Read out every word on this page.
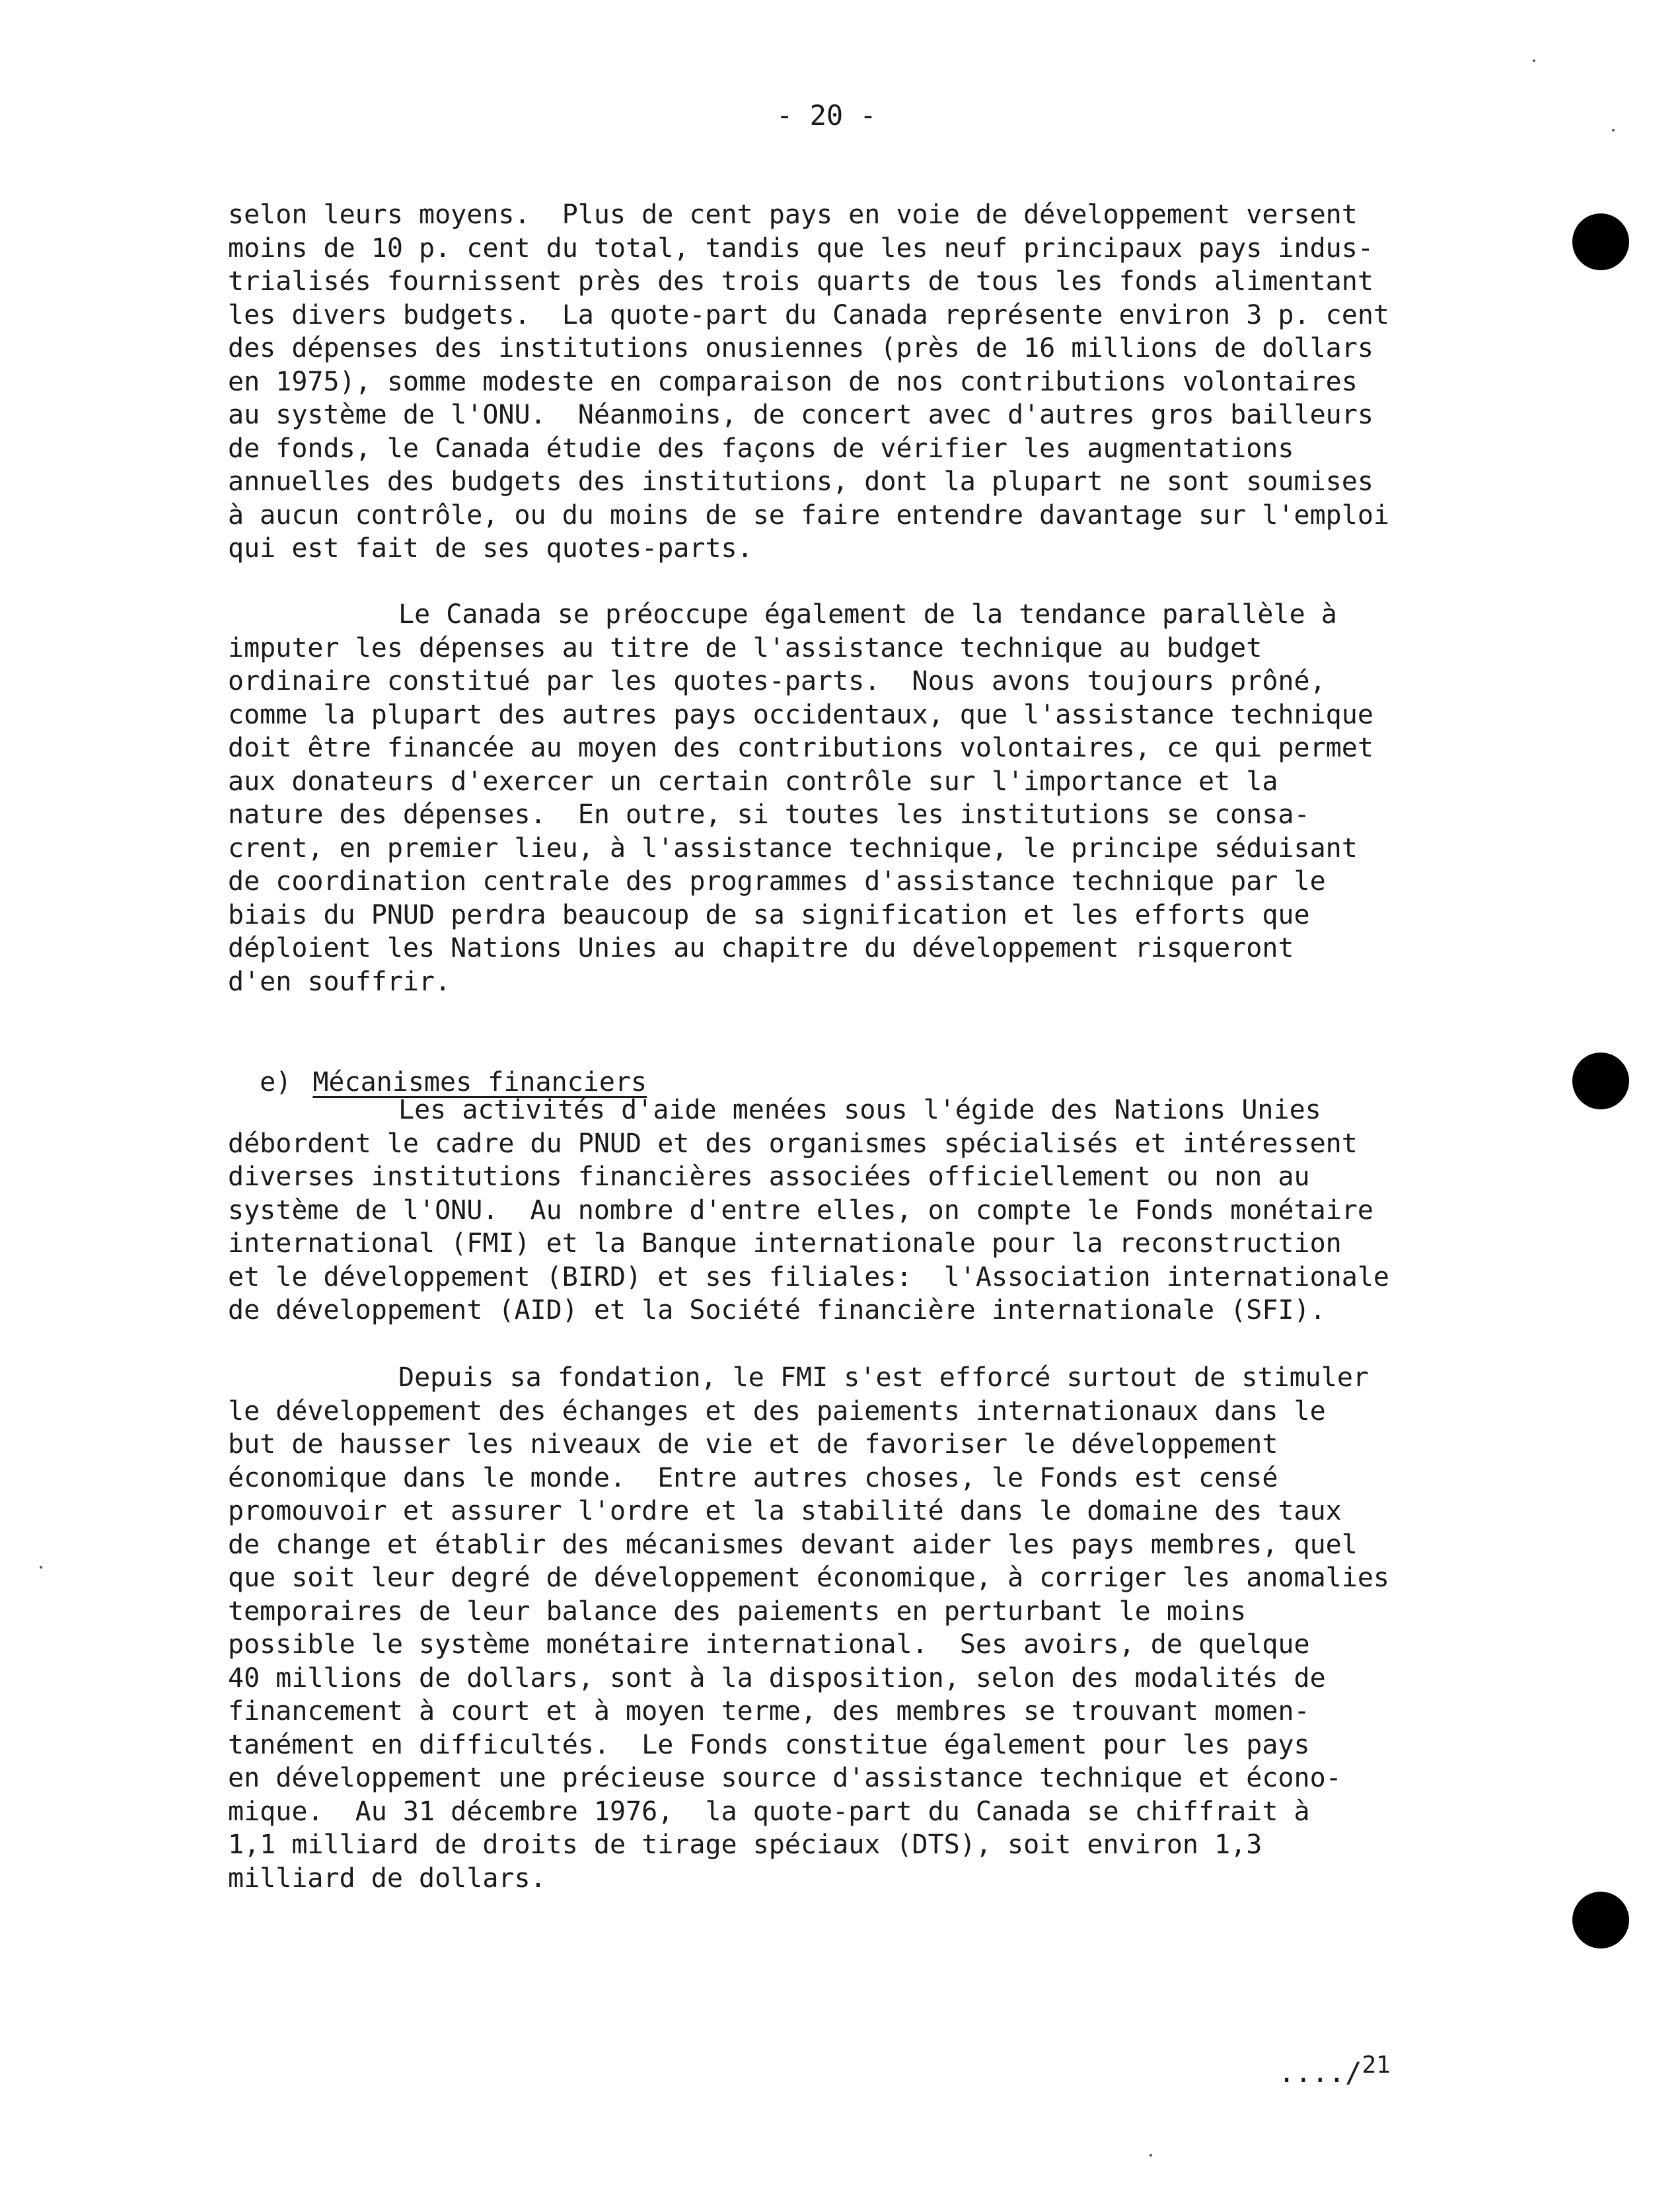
- 20 -
selon leurs moyens.  Plus de cent pays en voie de développement versent
moins de 10 p. cent du total, tandis que les neuf principaux pays indus-
trialisés fournissent près des trois quarts de tous les fonds alimentant
les divers budgets.  La quote-part du Canada représente environ 3 p. cent
des dépenses des institutions onusiennes (près de 16 millions de dollars
en 1975), somme modeste en comparaison de nos contributions volontaires
au système de l'ONU.  Néanmoins, de concert avec d'autres gros bailleurs
de fonds, le Canada étudie des façons de vérifier les augmentations
annuelles des budgets des institutions, dont la plupart ne sont soumises
à aucun contrôle, ou du moins de se faire entendre davantage sur l'emploi
qui est fait de ses quotes-parts.
Le Canada se préoccupe également de la tendance parallèle à
imputer les dépenses au titre de l'assistance technique au budget
ordinaire constitué par les quotes-parts.  Nous avons toujours prôné,
comme la plupart des autres pays occidentaux, que l'assistance technique
doit être financée au moyen des contributions volontaires, ce qui permet
aux donateurs d'exercer un certain contrôle sur l'importance et la
nature des dépenses.  En outre, si toutes les institutions se consa-
crent, en premier lieu, à l'assistance technique, le principe séduisant
de coordination centrale des programmes d'assistance technique par le
biais du PNUD perdra beaucoup de sa signification et les efforts que
déploient les Nations Unies au chapitre du développement risqueront
d'en souffrir.

e) Mécanismes financiers

Les activités d'aide menées sous l'égide des Nations Unies
débordent le cadre du PNUD et des organismes spécialisés et intéressent
diverses institutions financières associées officiellement ou non au
système de l'ONU.  Au nombre d'entre elles, on compte le Fonds monétaire
international (FMI) et la Banque internationale pour la reconstruction
et le développement (BIRD) et ses filiales:  l'Association internationale
de développement (AID) et la Société financière internationale (SFI).
Depuis sa fondation, le FMI s'est efforcé surtout de stimuler
le développement des échanges et des paiements internationaux dans le
but de hausser les niveaux de vie et de favoriser le développement
économique dans le monde.  Entre autres choses, le Fonds est censé
promouvoir et assurer l'ordre et la stabilité dans le domaine des taux
de change et établir des mécanismes devant aider les pays membres, quel
que soit leur degré de développement économique, à corriger les anomalies
temporaires de leur balance des paiements en perturbant le moins
possible le système monétaire international.  Ses avoirs, de quelque
40 millions de dollars, sont à la disposition, selon des modalités de
financement à court et à moyen terme, des membres se trouvant momen-
tanément en difficultés.  Le Fonds constitue également pour les pays
en développement une précieuse source d'assistance technique et écono-
mique.  Au 31 décembre 1976,  la quote-part du Canada se chiffrait à
1,1 milliard de droits de tirage spéciaux (DTS), soit environ 1,3
milliard de dollars.
..../$^{21}$
